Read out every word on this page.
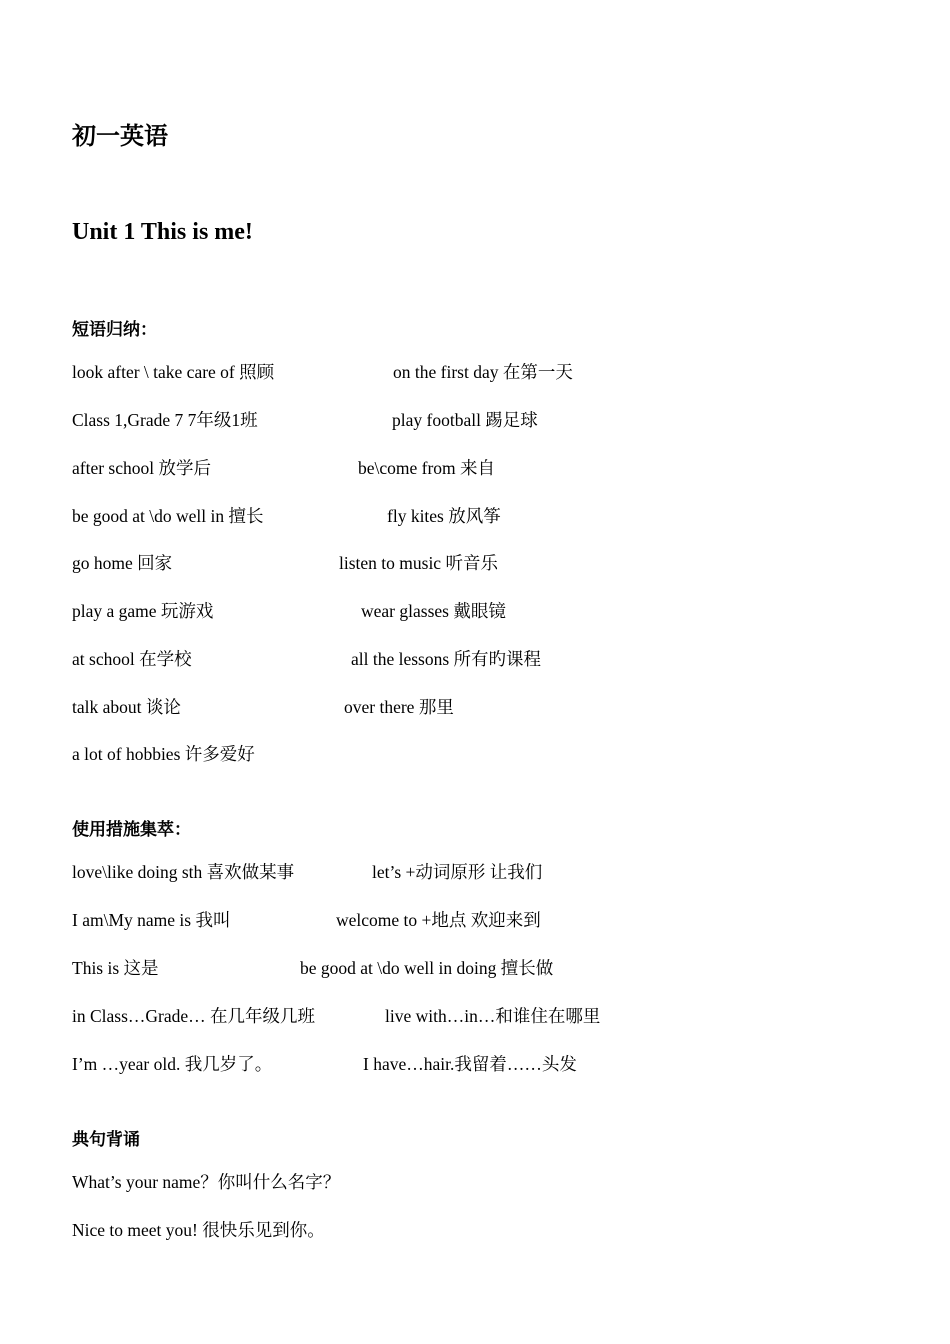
初一英语
Unit 1 This is me!
短语归纳：
look after \ take care of 照顾	on the first day 在第一天
Class 1,Grade 7 7年级1班	play football 踢足球
after school 放学后	be\come from 来自
be good at \do well in 擅长	fly kites 放风筝
go home 回家	listen to music 听音乐
play a game 玩游戏	wear glasses 戴眼镜
at school 在学校	all the lessons 所有旳课程
talk about 谈论	over there 那里
a lot of hobbies 许多爱好
使用措施集萃：
love\like doing sth 喜欢做某事	let’s +动词原形 让我们
I am\My name is 我叫	welcome to +地点 欢迎来到
This is 这是	be good at \do well in doing 擅长做
in Class…Grade… 在几年级几班	live with…in…和谁住在哪里
I’m …year old. 我几岁了。	I have…hair.我留着……头发
典句背诵
What’s your name？你叫什么名字？
Nice to meet you! 很快乐见到你。
